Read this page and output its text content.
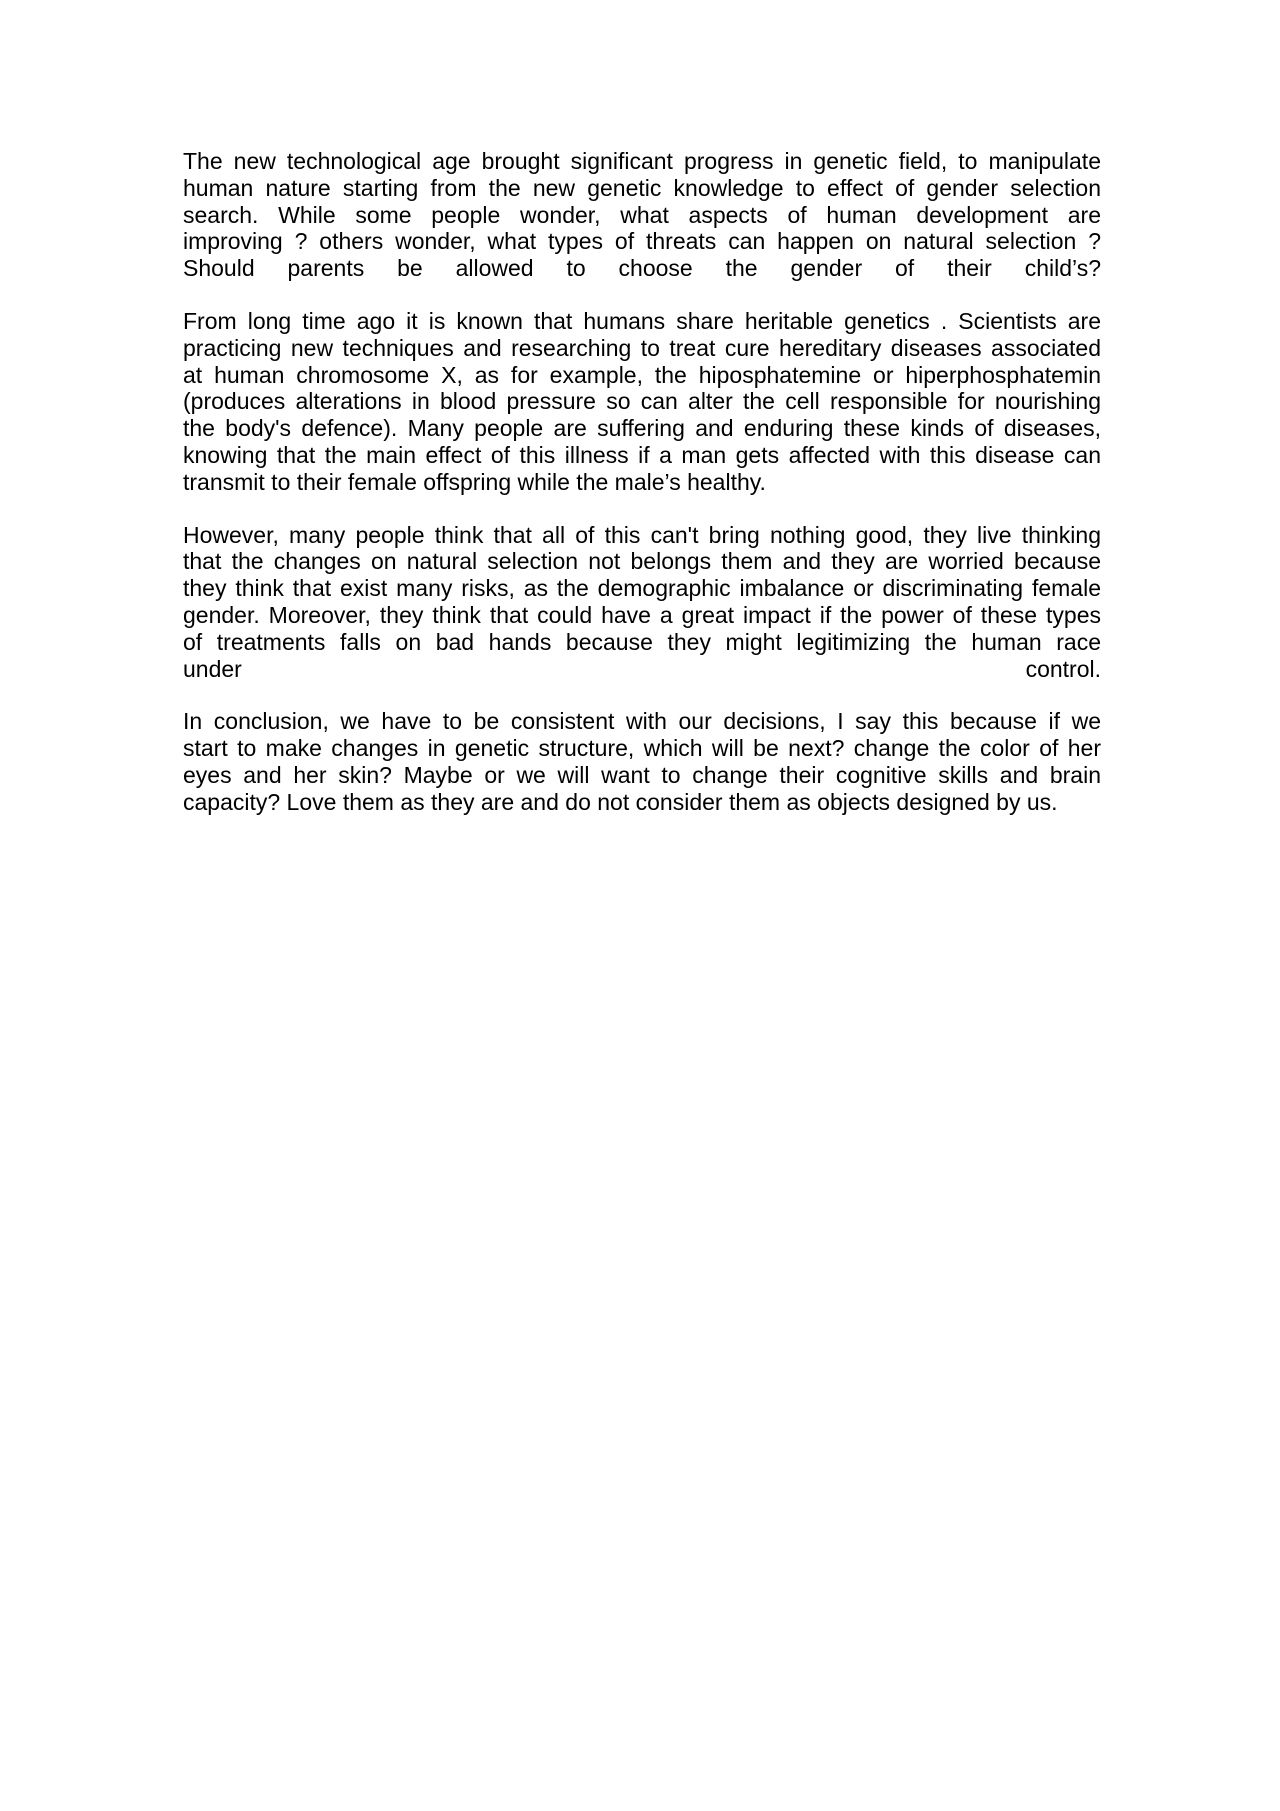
The new technological age brought significant progress in genetic field, to manipulate
human nature starting from the new genetic knowledge to effect of gender selection
search. While some people wonder, what aspects of human development are
improving ? others wonder, what types of threats can happen on natural selection ?
Should parents be allowed to choose the gender of their child’s?

From long time ago it is known that humans share heritable genetics . Scientists are
practicing new techniques and researching to treat cure hereditary diseases associated
at human chromosome X, as for example, the hiposphatemine or hiperphosphatemin
(produces alterations in blood pressure so can alter the cell responsible for nourishing
the body's defence). Many people are suffering and enduring these kinds of diseases,
knowing that the main effect of this illness if a man gets affected with this disease can
transmit to their female offspring while the male’s healthy.

However, many people think that all of this can't bring nothing good, they live thinking
that the changes on natural selection not belongs them and they are worried because
they think that exist many risks, as the demographic imbalance or discriminating female
gender. Moreover, they think that could have a great impact if the power of these types
of treatments falls on bad hands because they might legitimizing the human race
under control.

In conclusion, we have to be consistent with our decisions, I say this because if we
start to make changes in genetic structure, which will be next? change the color of her
eyes and her skin? Maybe or we will want to change their cognitive skills and brain
capacity? Love them as they are and do not consider them as objects designed by us.
